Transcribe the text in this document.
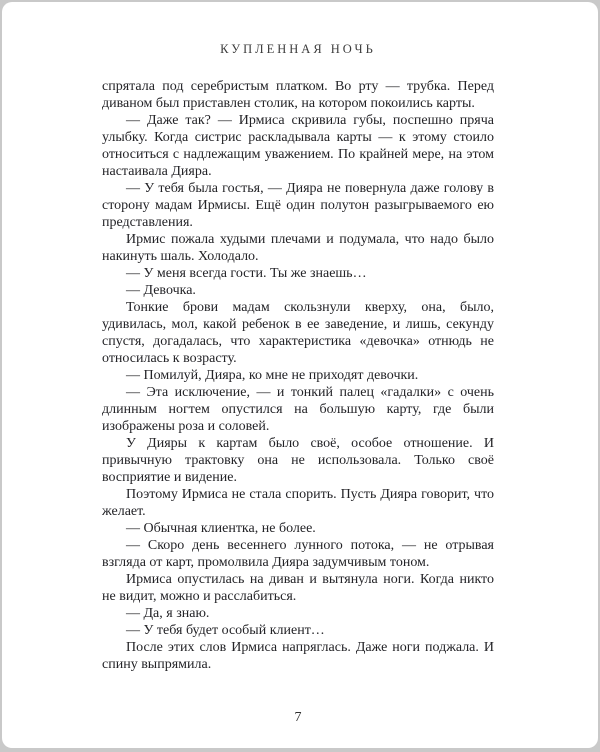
КУПЛЕННАЯ НОЧЬ

спрятала под серебристым платком. Во рту — трубка. Перед диваном был приставлен столик, на котором покоились карты.

— Даже так? — Ирмиса скривила губы, поспешно пряча улыбку. Когда систрис раскладывала карты — к этому стоило относиться с надлежащим уважением. По крайней мере, на этом настаивала Дияра.

— У тебя была гостья, — Дияра не повернула даже голову в сторону мадам Ирмисы. Ещё один полутон разыгрываемого ею представления.

Ирмис пожала худыми плечами и подумала, что надо было накинуть шаль. Холодало.

— У меня всегда гости. Ты же знаешь…

— Девочка.

Тонкие брови мадам скользнули кверху, она, было, удивилась, мол, какой ребенок в ее заведение, и лишь, секунду спустя, догадалась, что характеристика «девочка» отнюдь не относилась к возрасту.

— Помилуй, Дияра, ко мне не приходят девочки.

— Эта исключение, — и тонкий палец «гадалки» с очень длинным ногтем опустился на большую карту, где были изображены роза и соловей.

У Дияры к картам было своё, особое отношение. И привычную трактовку она не использовала. Только своё восприятие и видение.

Поэтому Ирмиса не стала спорить. Пусть Дияра говорит, что желает.

— Обычная клиентка, не более.

— Скоро день весеннего лунного потока, — не отрывая взгляда от карт, промолвила Дияра задумчивым тоном.

Ирмиса опустилась на диван и вытянула ноги. Когда никто не видит, можно и расслабиться.

— Да, я знаю.

— У тебя будет особый клиент…

После этих слов Ирмиса напряглась. Даже ноги поджала. И спину выпрямила.

7
